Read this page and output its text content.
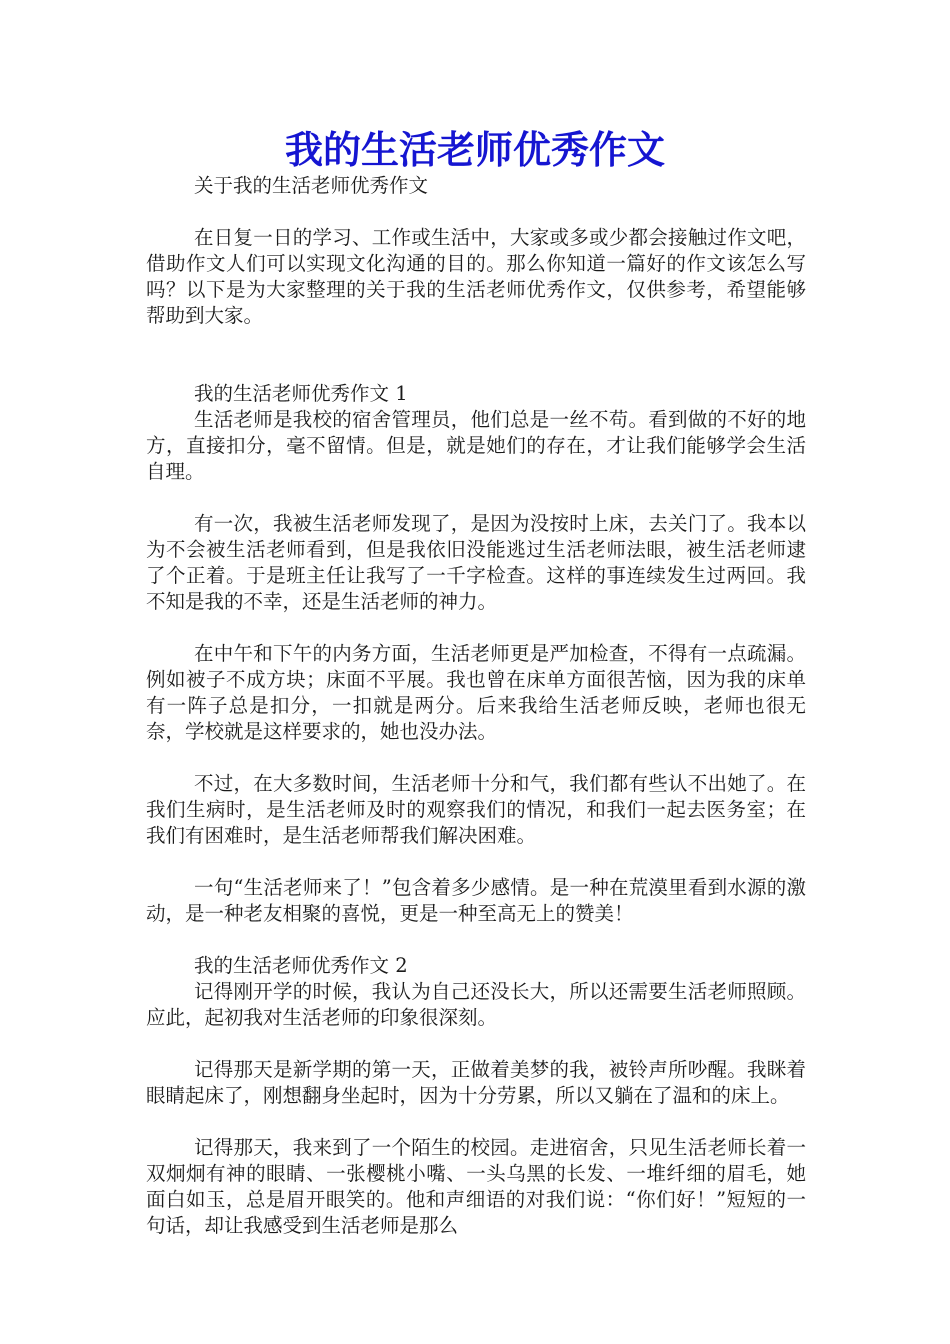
我的生活老师优秀作文

关于我的生活老师优秀作文

在日复一日的学习、工作或生活中，大家或多或少都会接触过作文吧，借助作文人们可以实现文化沟通的目的。那么你知道一篇好的作文该怎么写吗？以下是为大家整理的关于我的生活老师优秀作文，仅供参考，希望能够帮助到大家。

我的生活老师优秀作文 1

生活老师是我校的宿舍管理员，他们总是一丝不苟。看到做的不好的地方，直接扣分，毫不留情。但是，就是她们的存在，才让我们能够学会生活自理。

有一次，我被生活老师发现了，是因为没按时上床，去关门了。我本以为不会被生活老师看到，但是我依旧没能逃过生活老师法眼，被生活老师逮了个正着。于是班主任让我写了一千字检查。这样的事连续发生过两回。我不知是我的不幸，还是生活老师的神力。

在中午和下午的内务方面，生活老师更是严加检查，不得有一点疏漏。例如被子不成方块；床面不平展。我也曾在床单方面很苦恼，因为我的床单有一阵子总是扣分，一扣就是两分。后来我给生活老师反映，老师也很无奈，学校就是这样要求的，她也没办法。

不过，在大多数时间，生活老师十分和气，我们都有些认不出她了。在我们生病时，是生活老师及时的观察我们的情况，和我们一起去医务室；在我们有困难时，是生活老师帮我们解决困难。

一句“生活老师来了！”包含着多少感情。是一种在荒漠里看到水源的激动，是一种老友相聚的喜悦，更是一种至高无上的赞美！

我的生活老师优秀作文 2

记得刚开学的时候，我认为自己还没长大，所以还需要生活老师照顾。应此，起初我对生活老师的印象很深刻。

记得那天是新学期的第一天，正做着美梦的我，被铃声所吵醒。我眯着眼睛起床了，刚想翻身坐起时，因为十分劳累，所以又躺在了温和的床上。

记得那天，我来到了一个陌生的校园。走进宿舍，只见生活老师长着一双炯炯有神的眼睛、一张樱桃小嘴、一头乌黑的长发、一堆纤细的眉毛，她面白如玉，总是眉开眼笑的。他和声细语的对我们说：“你们好！”短短的一句话，却让我感受到生活老师是那么
